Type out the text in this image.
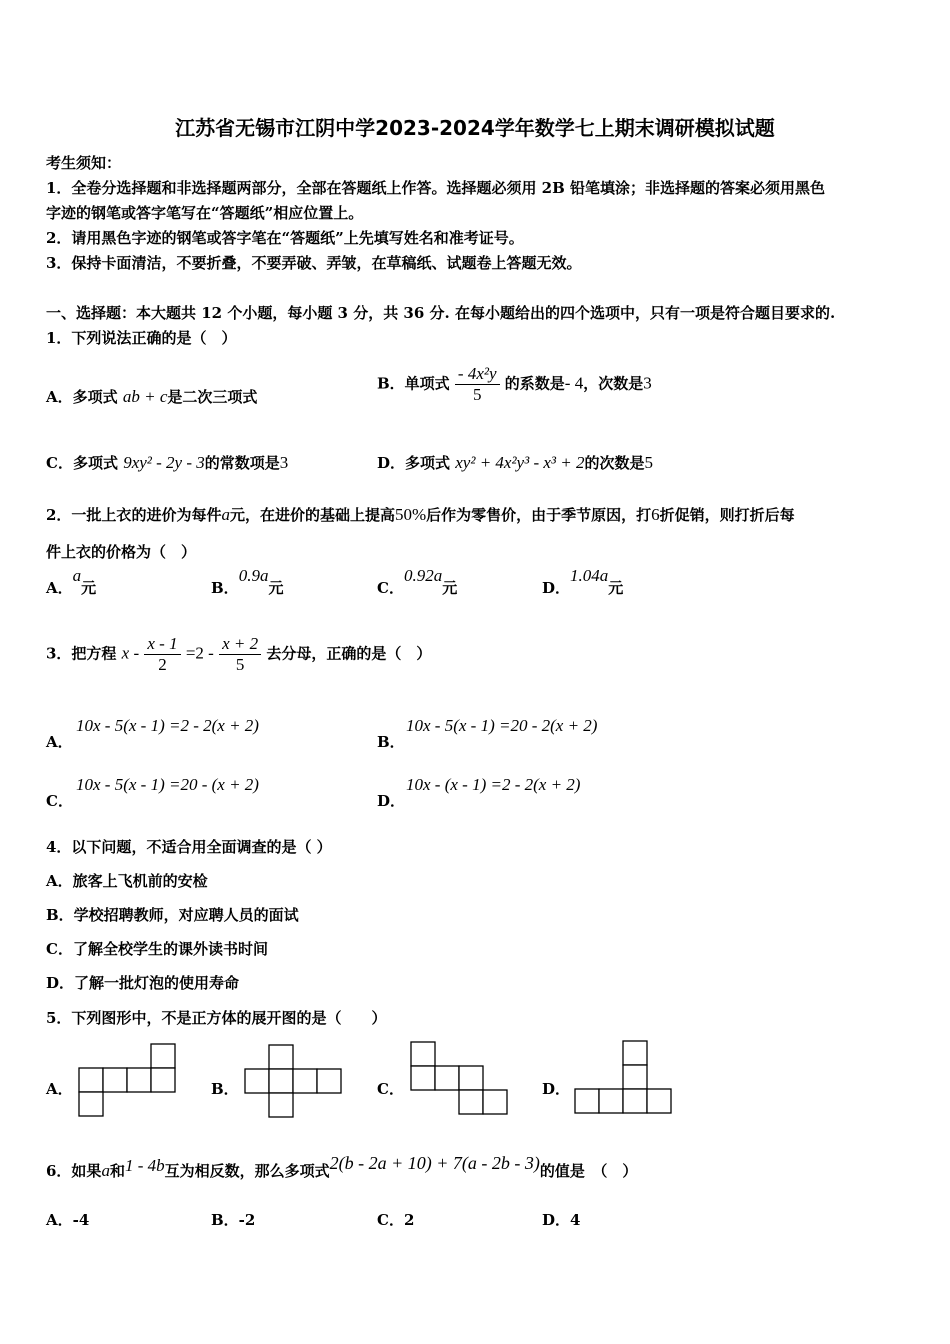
江苏省无锡市江阴中学2023-2024学年数学七上期末调研模拟试题
考生须知：
1．全卷分选择题和非选择题两部分，全部在答题纸上作答。选择题必须用 2B 铅笔填涂；非选择题的答案必须用黑色
字迹的钢笔或答字笔写在“答题纸”相应位置上。
2．请用黑色字迹的钢笔或答字笔在“答题纸”上先填写姓名和准考证号。
3．保持卡面清洁，不要折叠，不要弄破、弄皱，在草稿纸、试题卷上答题无效。
一、选择题：本大题共 12 个小题，每小题 3 分，共 36 分. 在每小题给出的四个选项中，只有一项是符合题目要求的.
1．下列说法正确的是（　）
A．多项式 ab + c是二次三项式
B．单项式 $\frac{\text{- 4x²y}}{5}$ 的系数是- 4，次数是3
C．多项式 9xy² - 2y - 3的常数项是3	D．多项式 xy² + 4x²y³ - x³ + 2的次数是5
2．一批上衣的进价为每件a元，在进价的基础上提高50%后作为零售价，由于季节原因，打6折促销，则打折后每
件上衣的价格为（　）
A．a元	B．0.9a元	C．0.92a元	D．1.04a元
3．把方程 $x - \frac{x - 1}{2} =2 - \frac{x + 2}{5}$ 去分母，正确的是（　）
A．
10x - 5(x - 1) =2 - 2(x + 2)
B．
10x - 5(x - 1) =20 - 2(x + 2)
C．
10x - 5(x - 1) =20 - (x + 2)
D．
10x - (x - 1) =2 - 2(x + 2)
4．以下问题，不适合用全面调查的是（ ）
A．旅客上飞机前的安检
B．学校招聘教师，对应聘人员的面试
C．了解全校学生的课外读书时间
D．了解一批灯泡的使用寿命
5．下列图形中，不是正方体的展开图的是（　　）
A．	B．	C．	D．
6．如果a和1 - 4b互为相反数，那么多项式2(b - 2a + 10) + 7(a - 2b - 3)的值是　（　）
A．-4	B．-2	C．2	D．4
